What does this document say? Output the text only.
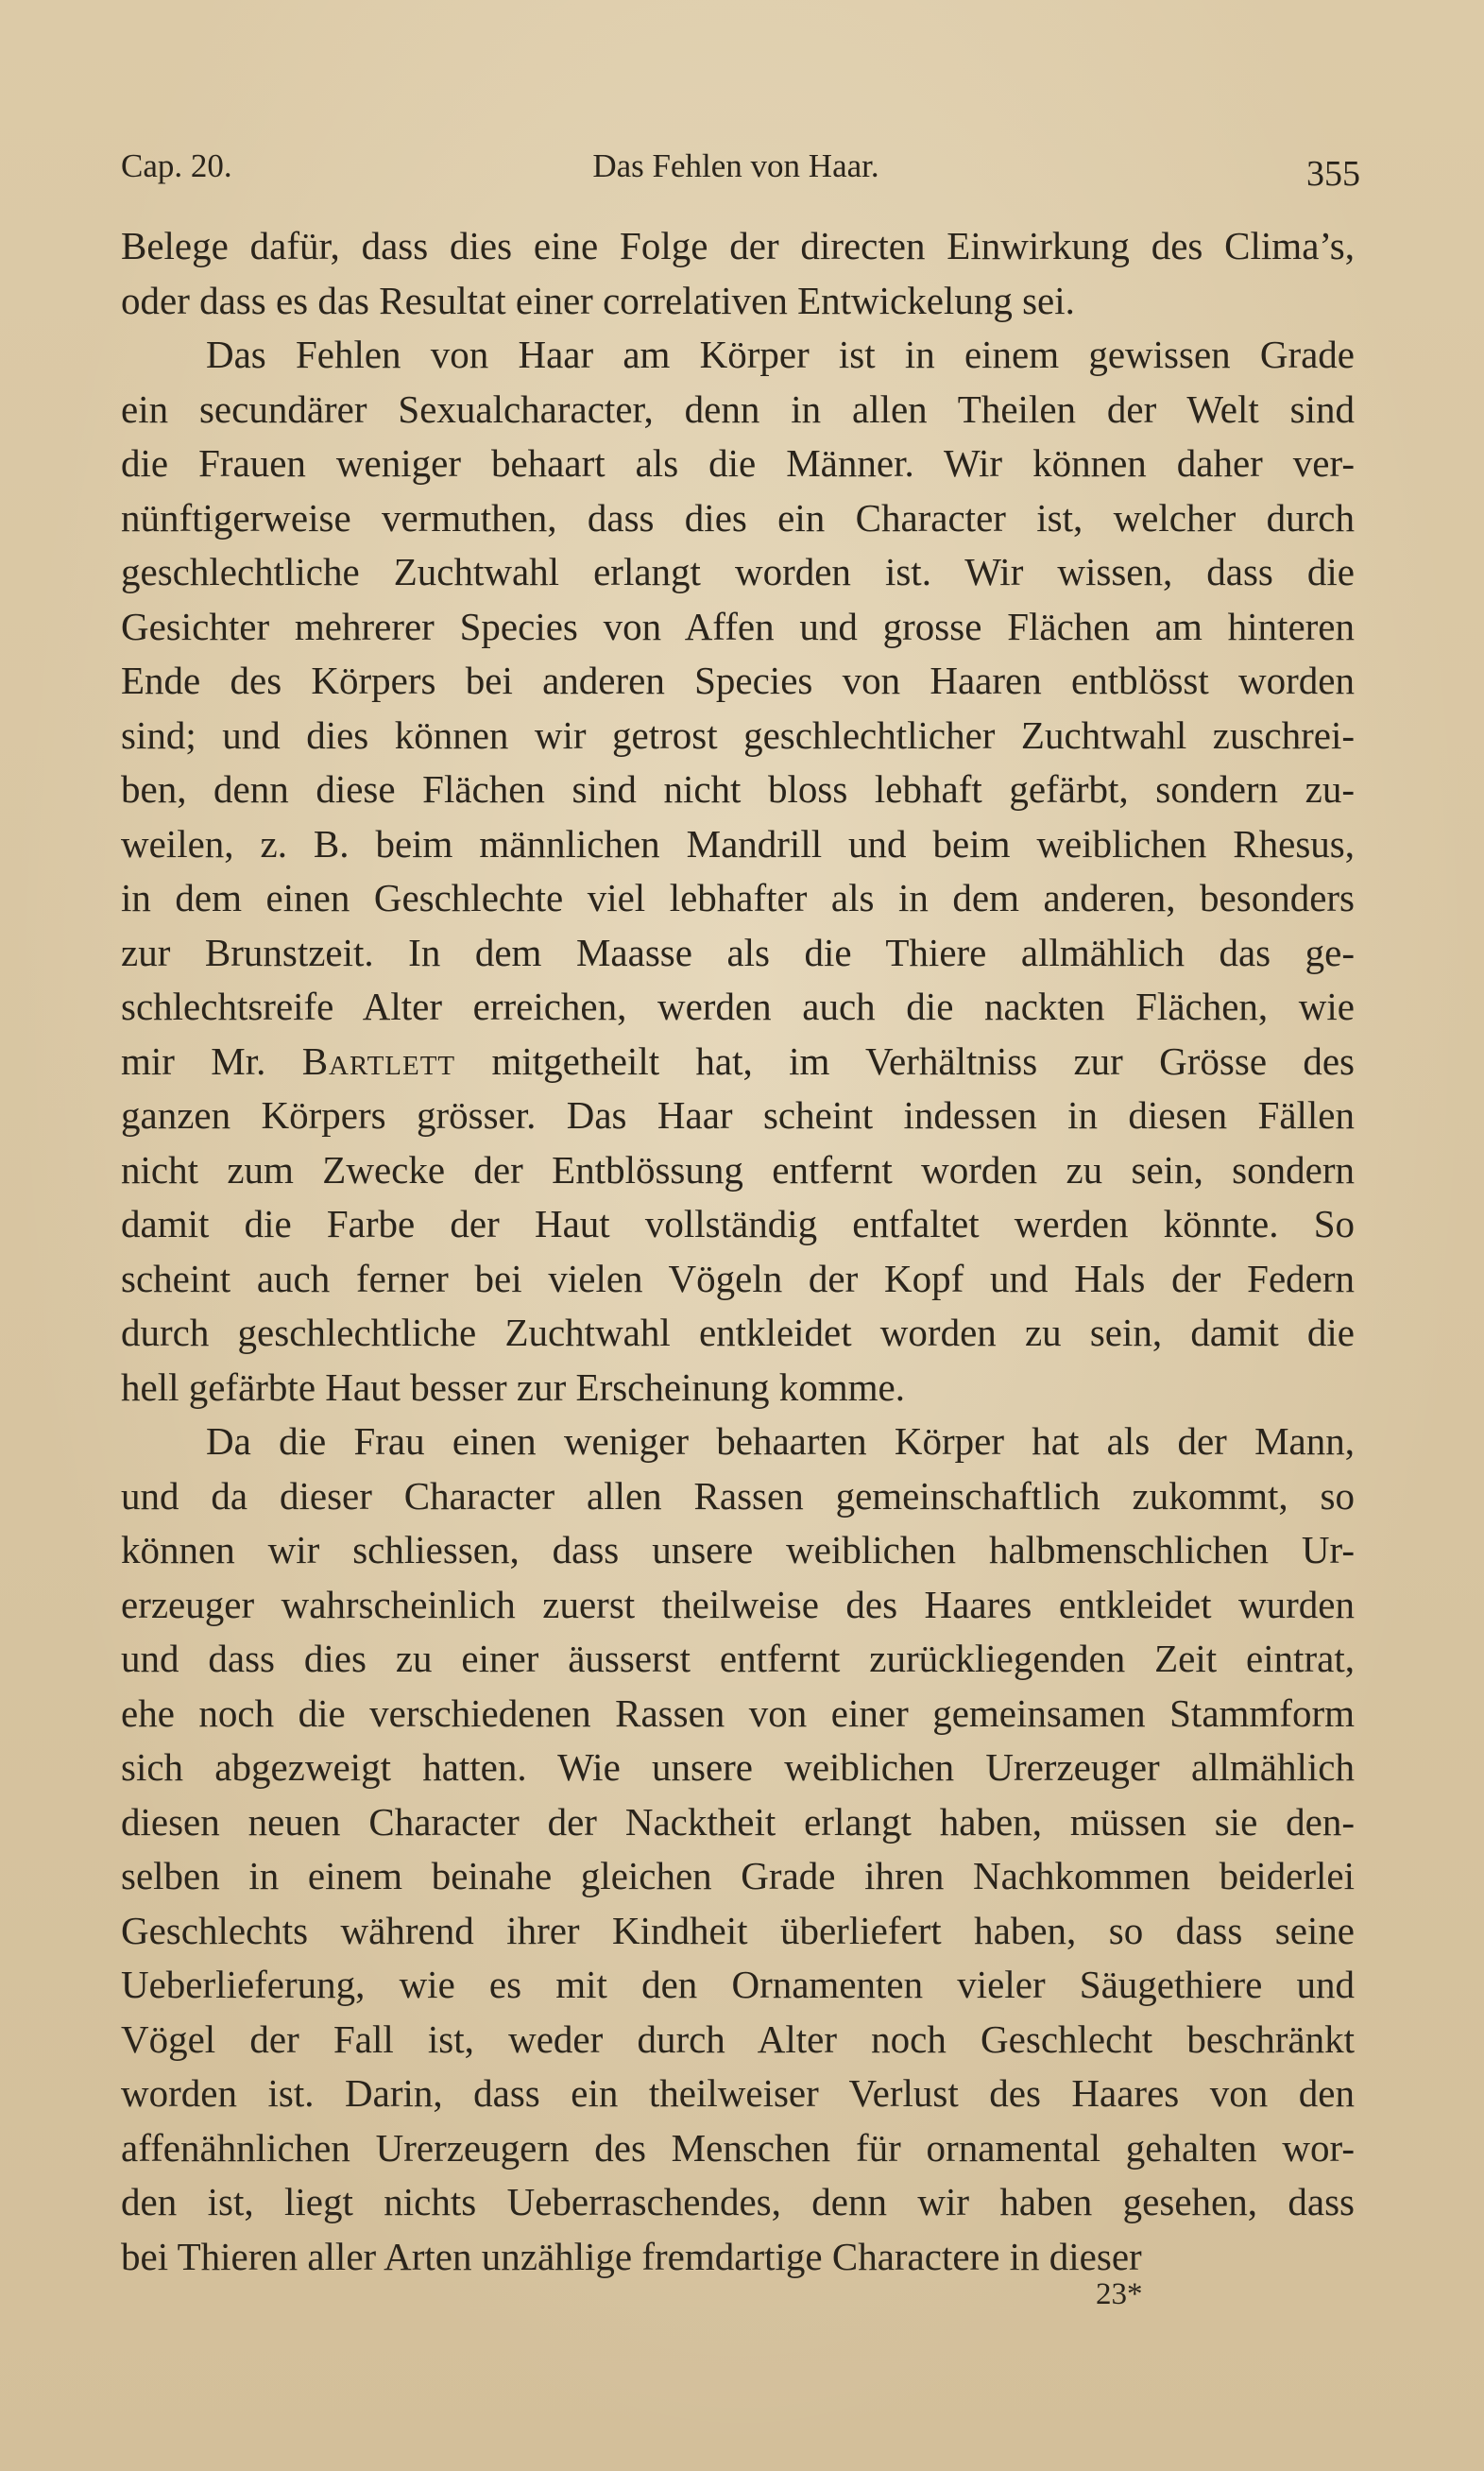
Cap. 20.	Das Fehlen von Haar.	355
Belege dafür, dass dies eine Folge der directen Einwirkung des Clima’s,
oder dass es das Resultat einer correlativen Entwickelung sei.
Das Fehlen von Haar am Körper ist in einem gewissen Grade
ein secundärer Sexualcharacter, denn in allen Theilen der Welt sind
die Frauen weniger behaart als die Männer. Wir können daher ver-
nünftigerweise vermuthen, dass dies ein Character ist, welcher durch
geschlechtliche Zuchtwahl erlangt worden ist. Wir wissen, dass die
Gesichter mehrerer Species von Affen und grosse Flächen am hinteren
Ende des Körpers bei anderen Species von Haaren entblösst worden
sind; und dies können wir getrost geschlechtlicher Zuchtwahl zuschrei-
ben, denn diese Flächen sind nicht bloss lebhaft gefärbt, sondern zu-
weilen, z. B. beim männlichen Mandrill und beim weiblichen Rhesus,
in dem einen Geschlechte viel lebhafter als in dem anderen, besonders
zur Brunstzeit. In dem Maasse als die Thiere allmählich das ge-
schlechtsreife Alter erreichen, werden auch die nackten Flächen, wie
mir Mr. Bartlett mitgetheilt hat, im Verhältniss zur Grösse des
ganzen Körpers grösser. Das Haar scheint indessen in diesen Fällen
nicht zum Zwecke der Entblössung entfernt worden zu sein, sondern
damit die Farbe der Haut vollständig entfaltet werden könnte. So
scheint auch ferner bei vielen Vögeln der Kopf und Hals der Federn
durch geschlechtliche Zuchtwahl entkleidet worden zu sein, damit die
hell gefärbte Haut besser zur Erscheinung komme.
Da die Frau einen weniger behaarten Körper hat als der Mann,
und da dieser Character allen Rassen gemeinschaftlich zukommt, so
können wir schliessen, dass unsere weiblichen halbmenschlichen Ur-
erzeuger wahrscheinlich zuerst theilweise des Haares entkleidet wurden
und dass dies zu einer äusserst entfernt zurückliegenden Zeit eintrat,
ehe noch die verschiedenen Rassen von einer gemeinsamen Stammform
sich abgezweigt hatten. Wie unsere weiblichen Urerzeuger allmählich
diesen neuen Character der Nacktheit erlangt haben, müssen sie den-
selben in einem beinahe gleichen Grade ihren Nachkommen beiderlei
Geschlechts während ihrer Kindheit überliefert haben, so dass seine
Ueberlieferung, wie es mit den Ornamenten vieler Säugethiere und
Vögel der Fall ist, weder durch Alter noch Geschlecht beschränkt
worden ist. Darin, dass ein theilweiser Verlust des Haares von den
affenähnlichen Urerzeugern des Menschen für ornamental gehalten wor-
den ist, liegt nichts Ueberraschendes, denn wir haben gesehen, dass
bei Thieren aller Arten unzählige fremdartige Charactere in dieser
23*
